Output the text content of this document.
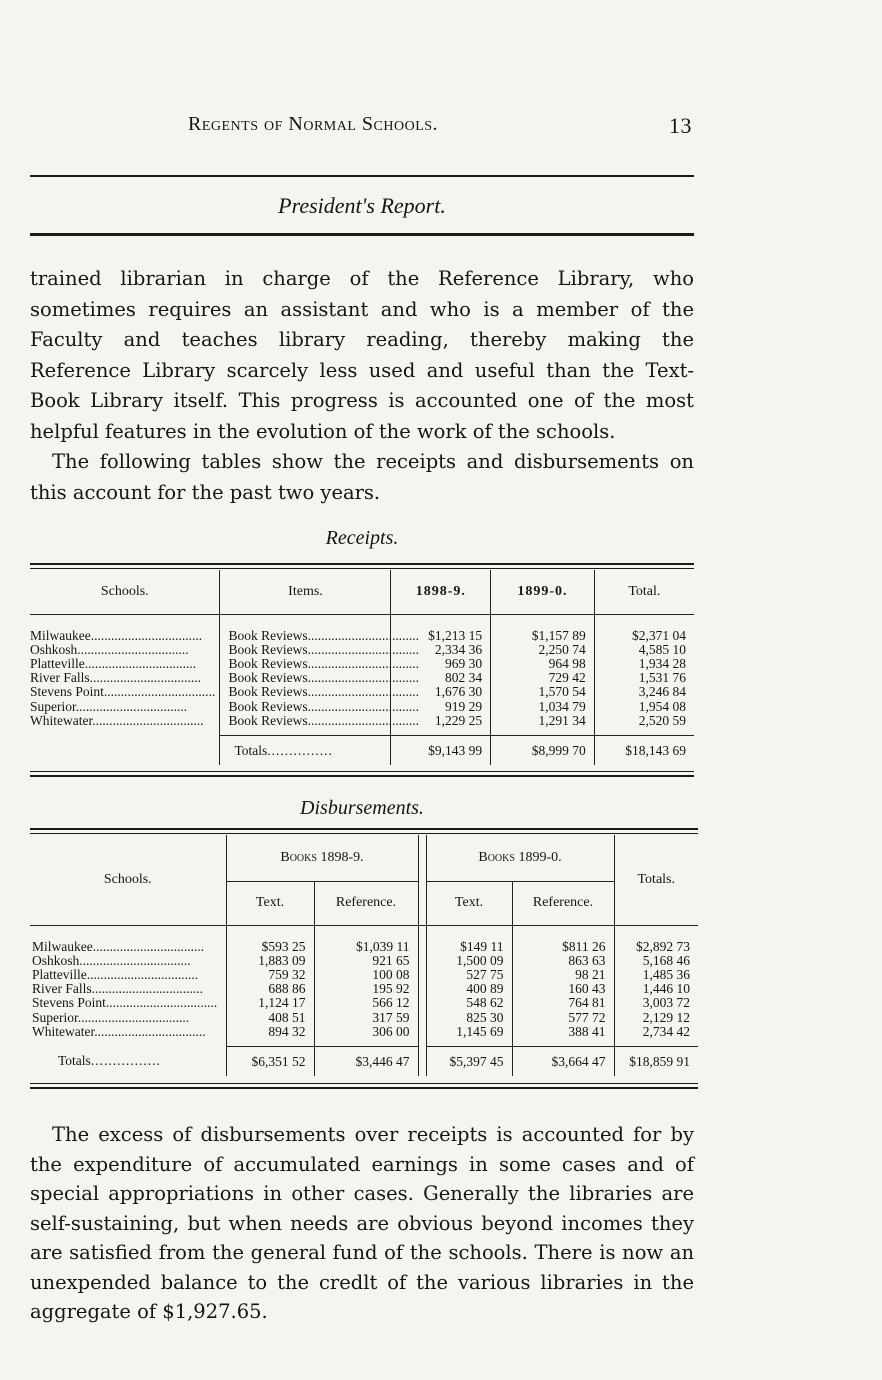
Regents of Normal Schools.	13
President's Report.

trained librarian in charge of the Reference Library, who sometimes requires an assistant and who is a member of the Faculty and teaches library reading, thereby making the Reference Library scarcely less used and useful than the Text-Book Library itself. This progress is accounted one of the most helpful features in the evolution of the work of the schools.

The following tables show the receipts and disbursements on this account for the past two years.

Receipts.
Schools.	Items.	1898-9.	1899-0.	Total.

Milwaukee.................................	Book Reviews.................................	$1,213 15	$1,157 89	$2,371 04
Oshkosh.................................	Book Reviews.................................	2,334 36	2,250 74	4,585 10
Platteville.................................	Book Reviews.................................	969 30	964 98	1,934 28
River Falls.................................	Book Reviews.................................	802 34	729 42	1,531 76
Stevens Point.................................	Book Reviews.................................	1,676 30	1,570 54	3,246 84
Superior.................................	Book Reviews.................................	919 29	1,034 79	1,954 08
Whitewater.................................	Book Reviews.................................	1,229 25	1,291 34	2,520 59

	Totals...............	$9,143 99	$8,999 70	$18,143 69
Disbursements.
Schools.	Books 1898-9.			Books 1899-0.		Totals.
	Text.	Reference.		Text.	Reference.	

Milwaukee.................................	$593 25	$1,039 11		$149 11	$811 26	$2,892 73
Oshkosh.................................	1,883 09	921 65		1,500 09	863 63	5,168 46
Platteville.................................	759 32	100 08		527 75	98 21	1,485 36
River Falls.................................	688 86	195 92		400 89	160 43	1,446 10
Stevens Point.................................	1,124 17	566 12		548 62	764 81	3,003 72
Superior.................................	408 51	317 59		825 30	577 72	2,129 12
Whitewater.................................	894 32	306 00		1,145 69	388 41	2,734 42

Totals................	$6,351 52	$3,446 47		$5,397 45	$3,664 47	$18,859 91

The excess of disbursements over receipts is accounted for by the expenditure of accumulated earnings in some cases and of special appropriations in other cases. Generally the libraries are self-sustaining, but when needs are obvious beyond incomes they are satisfied from the general fund of the schools. There is now an unexpended balance to the credlt of the various libraries in the aggregate of $1,927.65.
